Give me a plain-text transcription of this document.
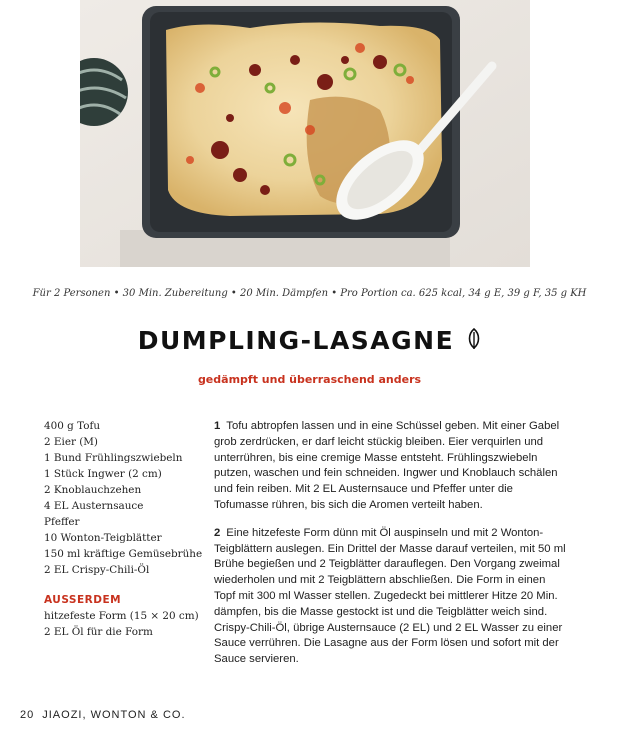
Für 2 Personen • 30 Min. Zubereitung • 20 Min. Dämpfen • Pro Portion ca. 625 kcal, 34 g E, 39 g F, 35 g KH
DUMPLING-LASAGNE
gedämpft und überraschend anders
400 g Tofu
2 Eier (M)
1 Bund Frühlingszwiebeln
1 Stück Ingwer (2 cm)
2 Knoblauchzehen
4 EL Austernsauce
Pfeffer
10 Wonton-Teigblätter
150 ml kräftige Gemüsebrühe
2 EL Crispy-Chili-Öl
AUSSERDEM
hitzefeste Form (15 × 20 cm)
2 EL Öl für die Form

1 Tofu abtropfen lassen und in eine Schüssel geben. Mit einer Gabel grob zerdrücken, er darf leicht stückig bleiben. Eier verquirlen und unterrühren, bis eine cremige Masse entsteht. Frühlingszwiebeln putzen, waschen und fein schneiden. Ingwer und Knoblauch schälen und fein reiben. Mit 2 EL Austernsauce und Pfeffer unter die Tofumasse rühren, bis sich die Aromen verteilt haben.

2 Eine hitzefeste Form dünn mit Öl auspinseln und mit 2 Wonton-Teigblättern auslegen. Ein Drittel der Masse darauf verteilen, mit 50 ml Brühe begießen und 2 Teigblätter darauflegen. Den Vorgang zweimal wiederholen und mit 2 Teigblättern abschließen. Die Form in einen Topf mit 300 ml Wasser stellen. Zugedeckt bei mittlerer Hitze 20 Min. dämpfen, bis die Masse gestockt ist und die Teigblätter weich sind. Crispy-Chili-Öl, übrige Austernsauce (2 EL) und 2 EL Wasser zu einer Sauce verrühren. Die Lasagne aus der Form lösen und sofort mit der Sauce servieren.

20 JIAOZI, WONTON & CO.
